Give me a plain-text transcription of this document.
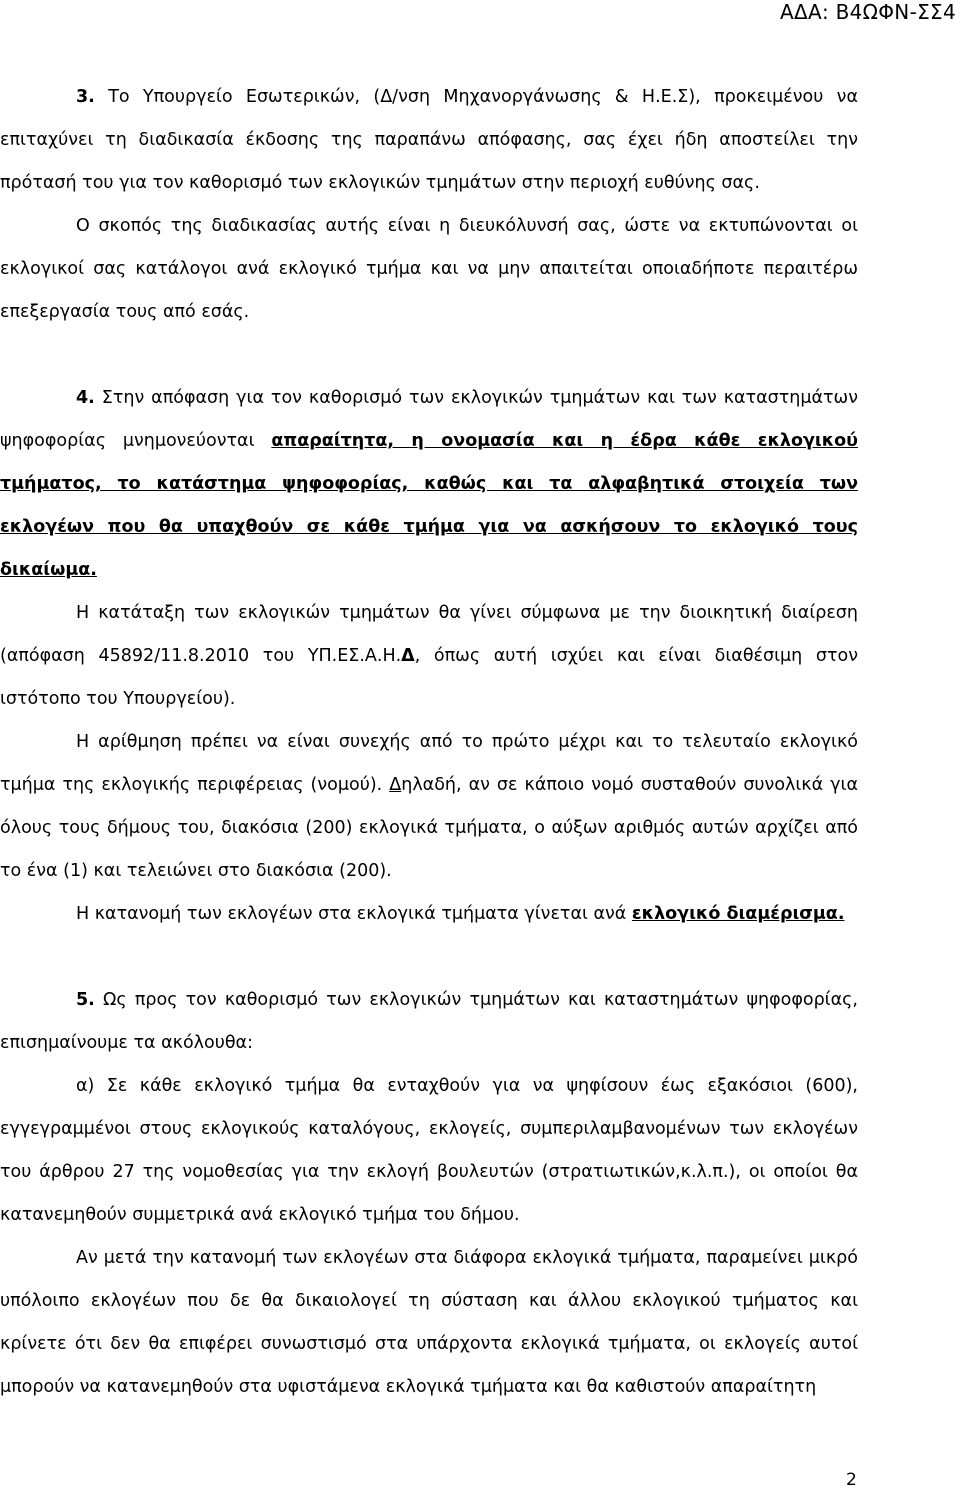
ΑΔΑ: Β4ΩΦΝ-ΣΣ4

3. Το Υπουργείο Εσωτερικών, (Δ/νση Μηχανοργάνωσης & Η.Ε.Σ), προκειμένου να επιταχύνει τη διαδικασία έκδοσης της παραπάνω απόφασης, σας έχει ήδη αποστείλει την πρότασή του για τον καθορισμό των εκλογικών τμημάτων στην περιοχή ευθύνης σας.

Ο σκοπός της διαδικασίας αυτής είναι η διευκόλυνσή σας, ώστε να εκτυπώνονται οι εκλογικοί σας κατάλογοι ανά εκλογικό τμήμα και να μην απαιτείται οποιαδήποτε περαιτέρω επεξεργασία τους από εσάς.

4. Στην απόφαση για τον καθορισμό των εκλογικών τμημάτων και των καταστημάτων ψηφοφορίας μνημονεύονται απαραίτητα, η ονομασία και η έδρα κάθε εκλογικού τμήματος, το κατάστημα ψηφοφορίας, καθώς και τα αλφαβητικά στοιχεία των εκλογέων που θα υπαχθούν σε κάθε τμήμα για να ασκήσουν το εκλογικό τους δικαίωμα.

Η κατάταξη των εκλογικών τμημάτων θα γίνει σύμφωνα με την διοικητική διαίρεση (απόφαση 45892/11.8.2010 του ΥΠ.ΕΣ.Α.Η.Δ, όπως αυτή ισχύει και είναι διαθέσιμη στον ιστότοπο του Υπουργείου).

Η αρίθμηση πρέπει να είναι συνεχής από το πρώτο μέχρι και το τελευταίο εκλογικό τμήμα της εκλογικής περιφέρειας (νομού). Δηλαδή, αν σε κάποιο νομό συσταθούν συνολικά για όλους τους δήμους του, διακόσια (200) εκλογικά τμήματα, ο αύξων αριθμός αυτών αρχίζει από το ένα (1) και τελειώνει στο διακόσια (200).

Η κατανομή των εκλογέων στα εκλογικά τμήματα γίνεται ανά εκλογικό διαμέρισμα.

5. Ως προς τον καθορισμό των εκλογικών τμημάτων και καταστημάτων ψηφοφορίας, επισημαίνουμε τα ακόλουθα:

α) Σε κάθε εκλογικό τμήμα θα ενταχθούν για να ψηφίσουν έως εξακόσιοι (600), εγγεγραμμένοι στους εκλογικούς καταλόγους, εκλογείς, συμπεριλαμβανομένων των εκλογέων του άρθρου 27 της νομοθεσίας για την εκλογή βουλευτών (στρατιωτικών,κ.λ.π.), οι οποίοι θα κατανεμηθούν συμμετρικά ανά εκλογικό τμήμα του δήμου.

Αν μετά την κατανομή των εκλογέων στα διάφορα εκλογικά τμήματα, παραμείνει μικρό υπόλοιπο εκλογέων που δε θα δικαιολογεί τη σύσταση και άλλου εκλογικού τμήματος και κρίνετε ότι δεν θα επιφέρει συνωστισμό στα υπάρχοντα εκλογικά τμήματα, οι εκλογείς αυτοί μπορούν να κατανεμηθούν στα υφιστάμενα εκλογικά τμήματα και θα καθιστούν απαραίτητη

2
